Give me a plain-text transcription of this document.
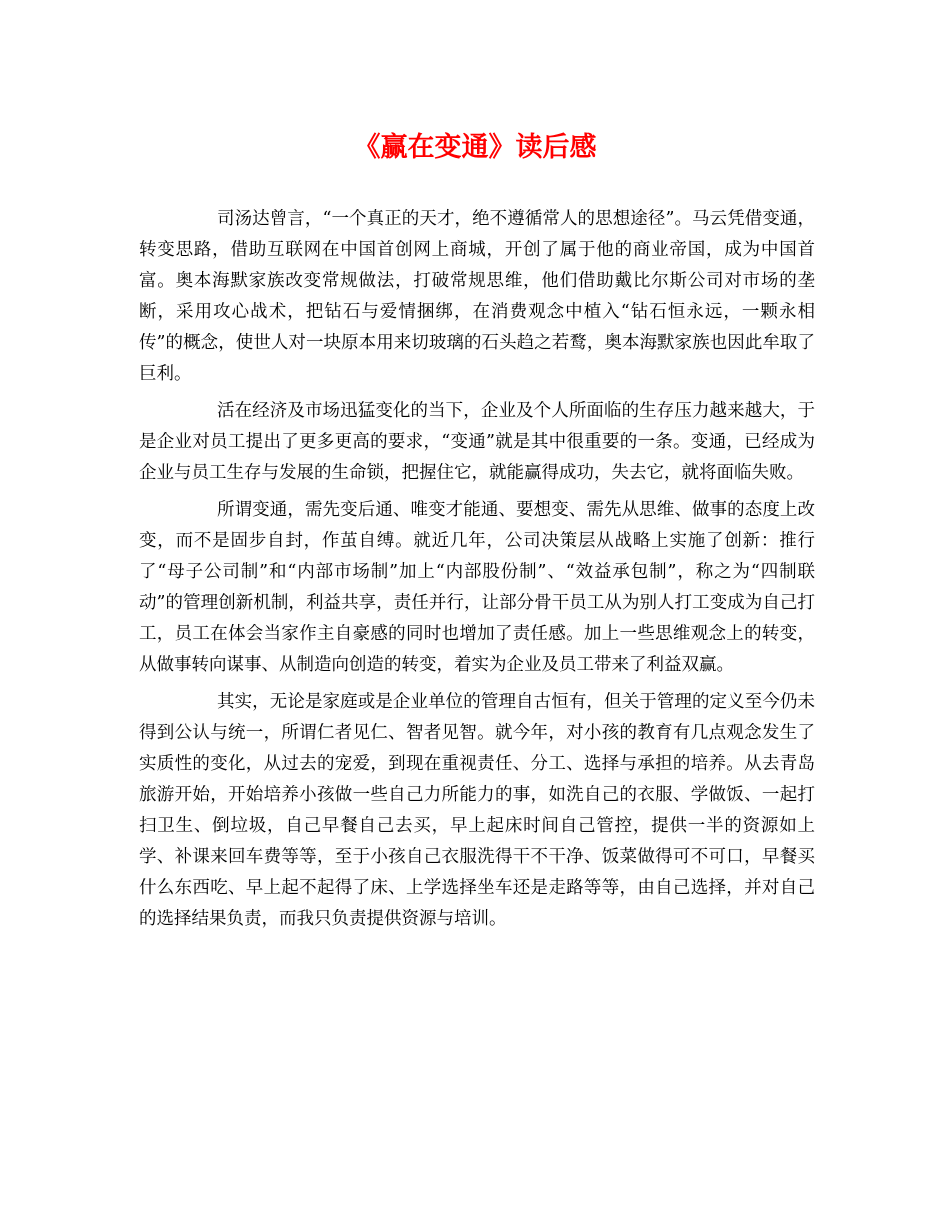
《赢在变通》读后感

司汤达曾言，“一个真正的天才，绝不遵循常人的思想途径”。马云凭借变通，转变思路，借助互联网在中国首创网上商城，开创了属于他的商业帝国，成为中国首富。奥本海默家族改变常规做法，打破常规思维，他们借助戴比尔斯公司对市场的垄断，采用攻心战术，把钻石与爱情捆绑，在消费观念中植入“钻石恒永远，一颗永相传”的概念，使世人对一块原本用来切玻璃的石头趋之若鹜，奥本海默家族也因此牟取了巨利。

活在经济及市场迅猛变化的当下，企业及个人所面临的生存压力越来越大，于是企业对员工提出了更多更高的要求，“变通”就是其中很重要的一条。变通，已经成为企业与员工生存与发展的生命锁，把握住它，就能赢得成功，失去它，就将面临失败。

所谓变通，需先变后通、唯变才能通、要想变、需先从思维、做事的态度上改变，而不是固步自封，作茧自缚。就近几年，公司决策层从战略上实施了创新：推行了“母子公司制”和“内部市场制”加上“内部股份制”、“效益承包制”，称之为“四制联动”的管理创新机制，利益共享，责任并行，让部分骨干员工从为别人打工变成为自己打工，员工在体会当家作主自豪感的同时也增加了责任感。加上一些思维观念上的转变，从做事转向谋事、从制造向创造的转变，着实为企业及员工带来了利益双赢。

其实，无论是家庭或是企业单位的管理自古恒有，但关于管理的定义至今仍未得到公认与统一，所谓仁者见仁、智者见智。就今年，对小孩的教育有几点观念发生了实质性的变化，从过去的宠爱，到现在重视责任、分工、选择与承担的培养。从去青岛旅游开始，开始培养小孩做一些自己力所能力的事，如洗自己的衣服、学做饭、一起打扫卫生、倒垃圾，自己早餐自己去买，早上起床时间自己管控，提供一半的资源如上学、补课来回车费等等，至于小孩自己衣服洗得干不干净、饭菜做得可不可口，早餐买什么东西吃、早上起不起得了床、上学选择坐车还是走路等等，由自己选择，并对自己的选择结果负责，而我只负责提供资源与培训。
